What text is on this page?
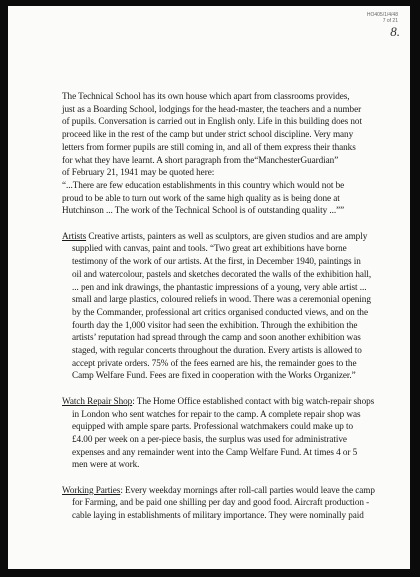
HO405/1/4/48
7 of 21
8.
The Technical School has its own house which apart from classrooms provides,
just as a Boarding School, lodgings for the head-master, the teachers and a number
of pupils. Conversation is carried out in English only. Life in this building does not
proceed like in the rest of the camp but under strict school discipline. Very many
letters from former pupils are still coming in, and all of them express their thanks
for what they have learnt. A short paragraph from the“ManchesterGuardian”
of February 21, 1941 may be quoted here:
“...There are few education establishments in this country which would not be
proud to be able to turn out work of the same high quality as is being done at
Hutchinson ... The work of the Technical School is of outstanding quality ...””
Artists Creative artists, painters as well as sculptors, are given studios and are amply
supplied with canvas, paint and tools. “Two great art exhibitions have borne
testimony of the work of our artists. At the first, in December 1940, paintings in
oil and watercolour, pastels and sketches decorated the walls of the exhibition hall,
... pen and ink drawings, the phantastic impressions of a young, very able artist ...
small and large plastics, coloured reliefs in wood. There was a ceremonial opening
by the Commander, professional art critics organised conducted views, and on the
fourth day the 1,000 visitor had seen the exhibition. Through the exhibition the
artists’ reputation had spread through the camp and soon another exhibition was
staged, with regular concerts throughout the duration. Every artists is allowed to
accept private orders. 75% of the fees earned are his, the remainder goes to the
Camp Welfare Fund. Fees are fixed in cooperation with the Works Organizer.”
Watch Repair Shop: The Home Office established contact with big watch-repair shops
in London who sent watches for repair to the camp. A complete repair shop was
equipped with ample spare parts. Professional watchmakers could make up to
£4.00 per week on a per-piece basis, the surplus was used for administrative
expenses and any remainder went into the Camp Welfare Fund. At times 4 or 5
men were at work.
Working Parties: Every weekday mornings after roll-call parties would leave the camp
for Farming, and be paid one shilling per day and good food. Aircraft production -
cable laying in establishments of military importance. They were nominally paid
